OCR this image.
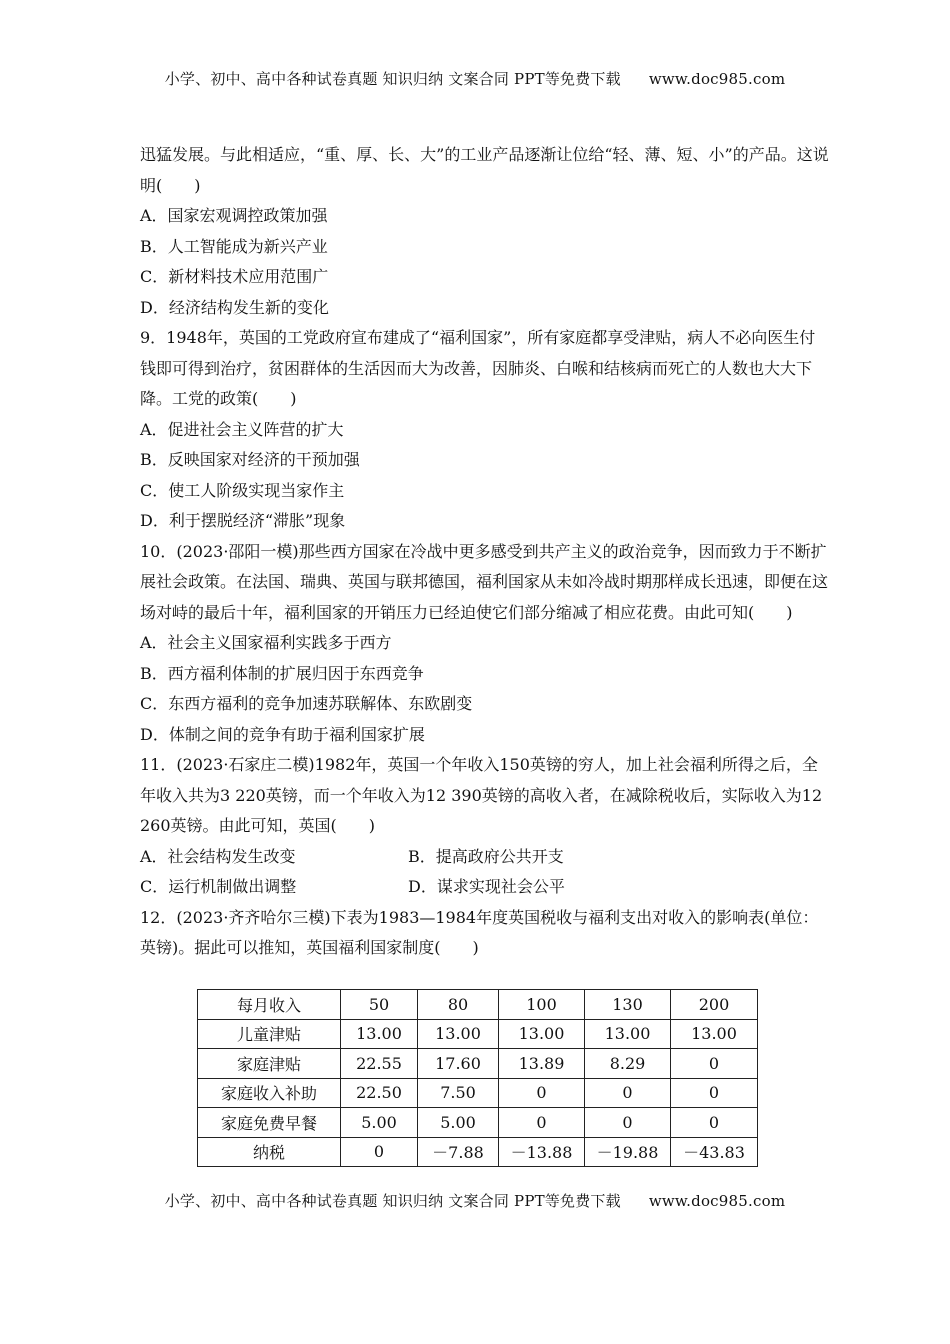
小学、初中、高中各种试卷真题 知识归纳 文案合同 PPT等免费下载 www.doc985.com

迅猛发展。与此相适应，“重、厚、长、大”的工业产品逐渐让位给“轻、薄、短、小”的产品。这说明(　　)

A．国家宏观调控政策加强

B．人工智能成为新兴产业

C．新材料技术应用范围广

D．经济结构发生新的变化

9．1948年，英国的工党政府宣布建成了“福利国家”，所有家庭都享受津贴，病人不必向医生付钱即可得到治疗，贫困群体的生活因而大为改善，因肺炎、白喉和结核病而死亡的人数也大大下降。工党的政策(　　)

A．促进社会主义阵营的扩大

B．反映国家对经济的干预加强

C．使工人阶级实现当家作主

D．利于摆脱经济“滞胀”现象

10．(2023·邵阳一模)那些西方国家在冷战中更多感受到共产主义的政治竞争，因而致力于不断扩展社会政策。在法国、瑞典、英国与联邦德国，福利国家从未如冷战时期那样成长迅速，即便在这场对峙的最后十年，福利国家的开销压力已经迫使它们部分缩减了相应花费。由此可知(　　)

A．社会主义国家福利实践多于西方

B．西方福利体制的扩展归因于东西竞争

C．东西方福利的竞争加速苏联解体、东欧剧变

D．体制之间的竞争有助于福利国家扩展

11．(2023·石家庄二模)1982年，英国一个年收入150英镑的穷人，加上社会福利所得之后，全年收入共为3 220英镑，而一个年收入为12 390英镑的高收入者，在减除税收后，实际收入为12 260英镑。由此可知，英国(　　)

A．社会结构发生改变	B．提高政府公共开支
C．运行机制做出调整	D．谋求实现社会公平

12．(2023·齐齐哈尔三模)下表为1983—1984年度英国税收与福利支出对收入的影响表(单位：英镑)。据此可以推知，英国福利国家制度(　　)

每月收入	50	80	100	130	200
儿童津贴	13.00	13.00	13.00	13.00	13.00
家庭津贴	22.55	17.60	13.89	8.29	0
家庭收入补助	22.50	7.50	0	0	0
家庭免费早餐	5.00	5.00	0	0	0
纳税	0	－7.88	－13.88	－19.88	－43.83
小学、初中、高中各种试卷真题 知识归纳 文案合同 PPT等免费下载 www.doc985.com
